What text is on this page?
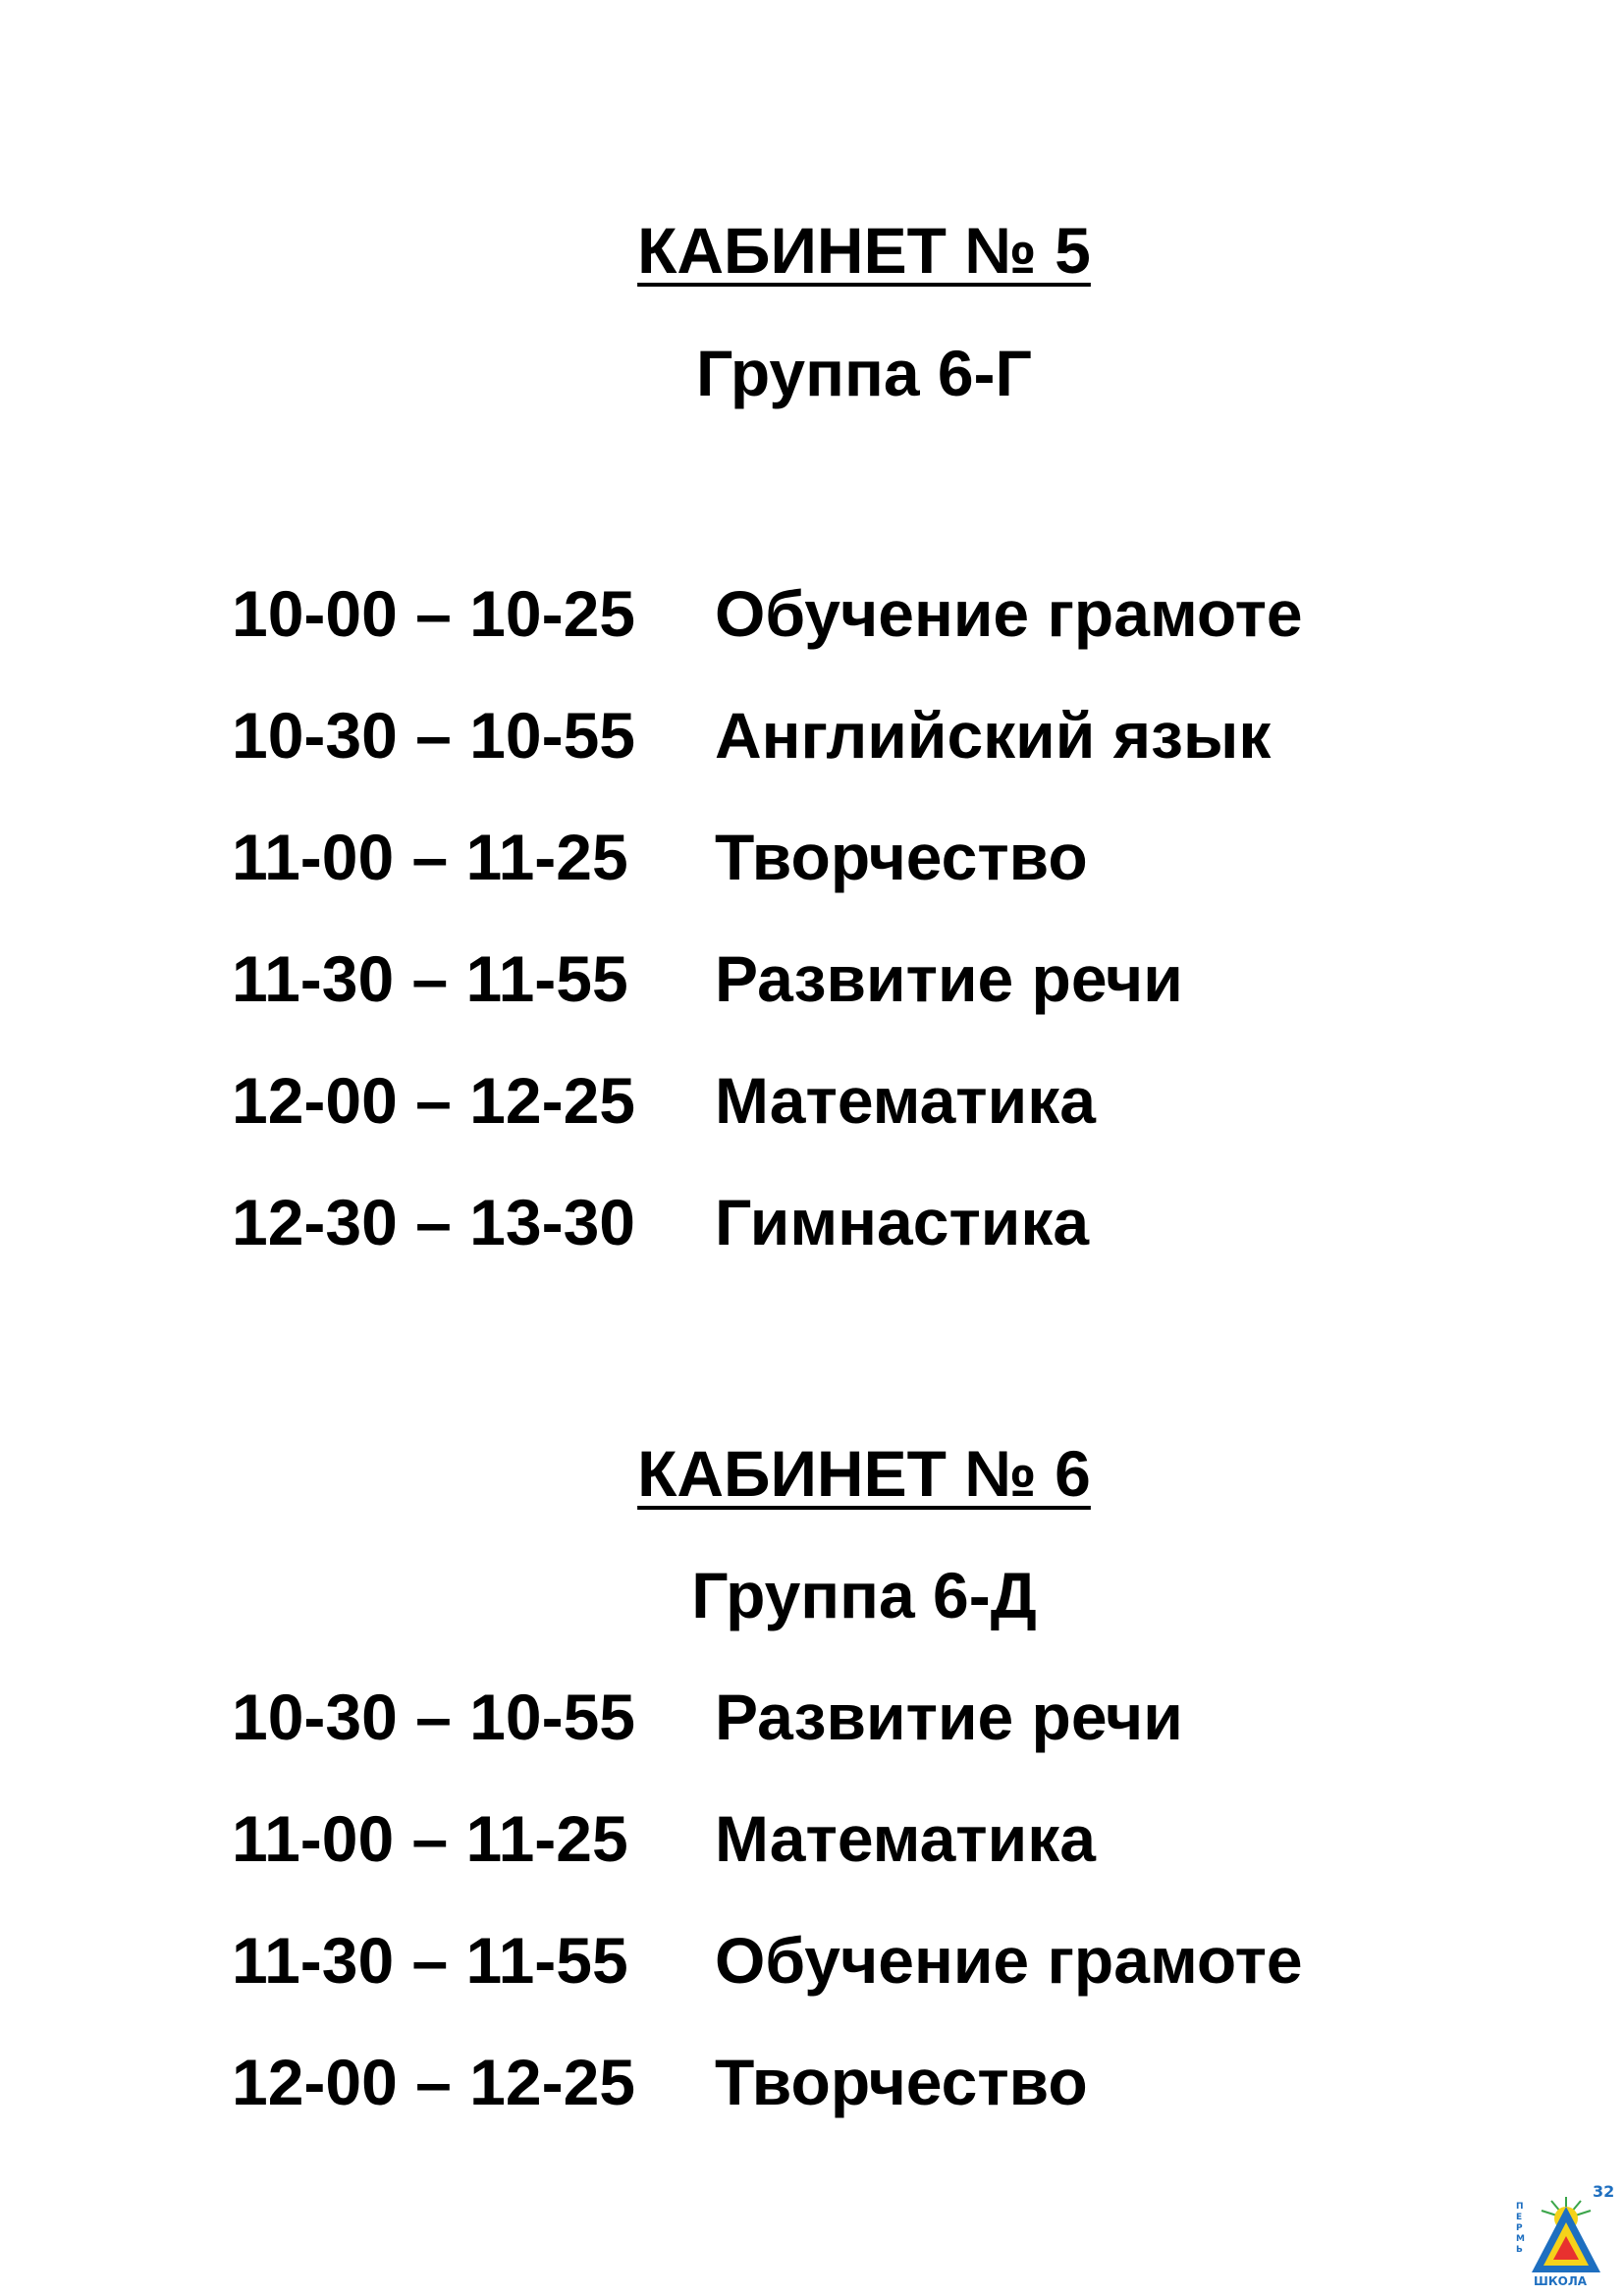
КАБИНЕТ № 5
Группа 6-Г
10-00 – 10-25 Обучение грамоте
10-30 – 10-55 Английский язык
11-00 – 11-25 Творчество
11-30 – 11-55 Развитие речи
12-00 – 12-25 Математика
12-30 – 13-30 Гимнастика
КАБИНЕТ № 6
Группа 6-Д
10-30 – 10-55 Развитие речи
11-00 – 11-25 Математика
11-30 – 11-55 Обучение грамоте
12-00 – 12-25 Творчество
П
Е
Р
М
Ь
32
ШКОЛА
